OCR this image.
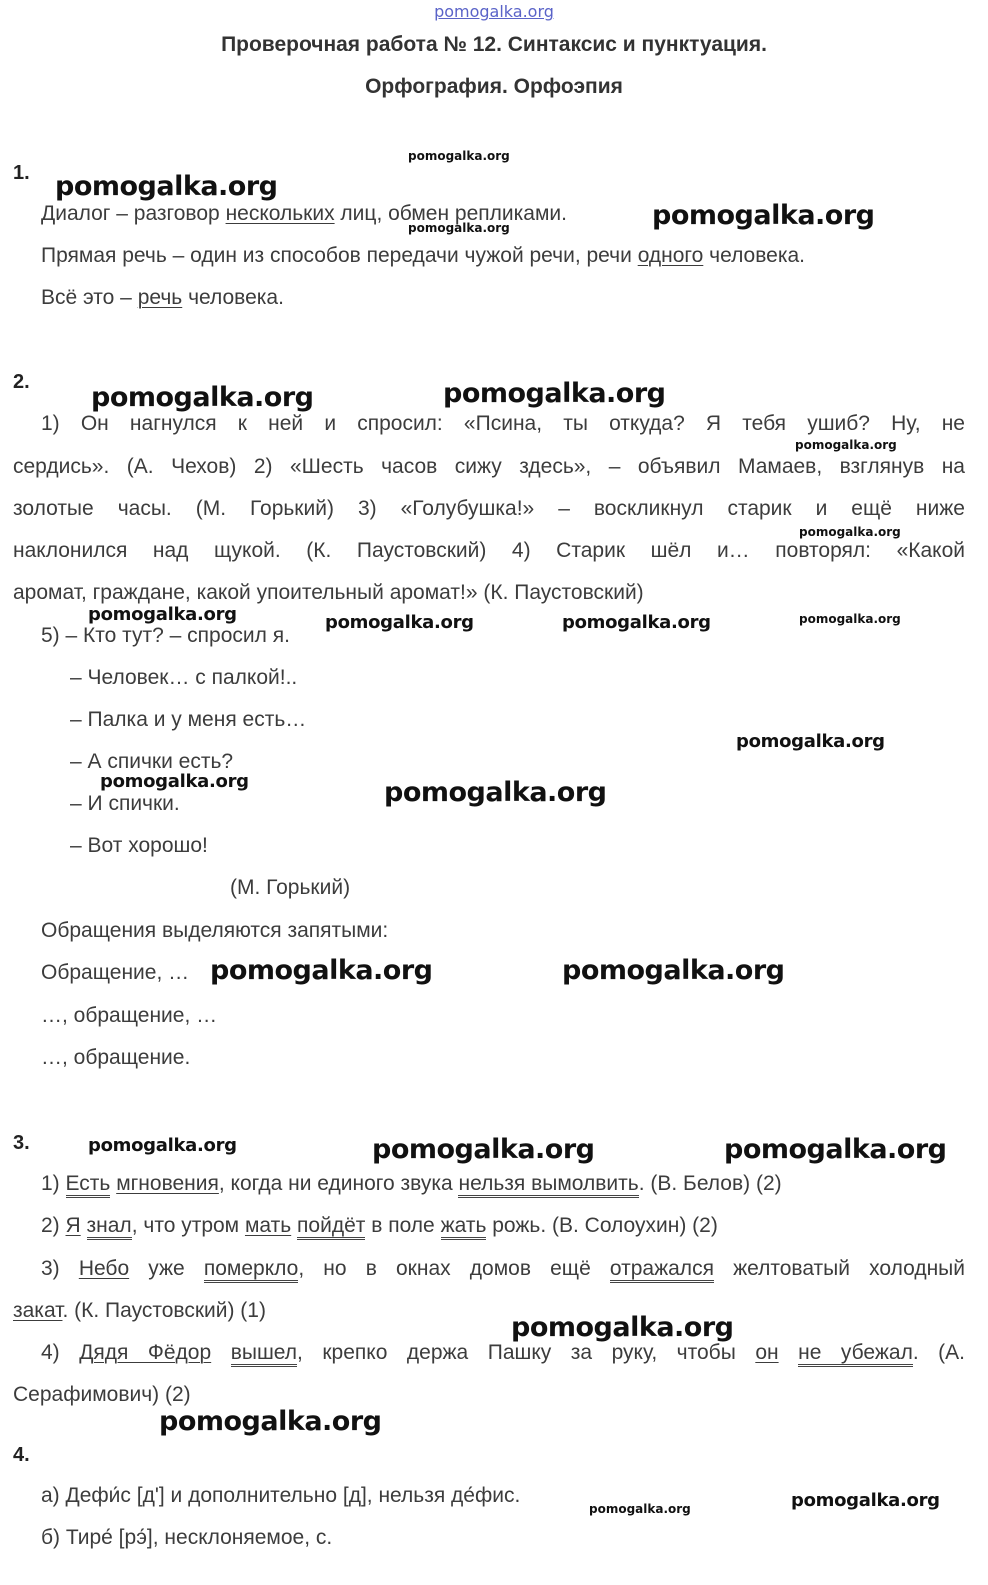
pomogalka.org
Проверочная работа № 12. Синтаксис и пунктуация.
Орфография. Орфоэпия
1.
Диалог – разговор нескольких лиц, обмен репликами.
Прямая речь – один из способов передачи чужой речи, речи одного человека.
Всё это – речь человека.
2.
1) Он нагнулся к ней и спросил: «Псина, ты откуда? Я тебя ушиб? Ну, не
сердись». (А. Чехов) 2) «Шесть часов сижу здесь», – объявил Мамаев, взглянув на
золотые часы. (М. Горький) 3) «Голубушка!» – воскликнул старик и ещё ниже
наклонился над щукой. (К. Паустовский) 4) Старик шёл и… повторял: «Какой
аромат, граждане, какой упоительный аромат!» (К. Паустовский)
5) – Кто тут? – спросил я.
– Человек… с палкой!..
– Палка и у меня есть…
– А спички есть?
– И спички.
– Вот хорошо!
(М. Горький)
Обращения выделяются запятыми:
Обращение, …
…, обращение, …
…, обращение.
3.
1) Есть мгновения, когда ни единого звука нельзя вымолвить. (В. Белов) (2)
2) Я знал, что утром мать пойдёт в поле жать рожь. (В. Солоухин) (2)
3) Небо уже померкло, но в окнах домов ещё отражался желтоватый холодный
закат. (К. Паустовский) (1)
4) Дядя Фёдор вышел, крепко держа Пашку за руку, чтобы он не убежал. (А.
Серафимович) (2)
4.
а) Дефи́с [д'] и дополнительно [д], нельзя де́фис.
б) Тире́ [рэ́], несклоняемое, с.
pomogalka.org
pomogalka.org
pomogalka.org
pomogalka.org
pomogalka.org	pomogalka.org
pomogalka.org
pomogalka.org
pomogalka.org	pomogalka.org	pomogalka.org	pomogalka.org
pomogalka.org
pomogalka.org	pomogalka.org
pomogalka.org	pomogalka.org
pomogalka.org	pomogalka.org	pomogalka.org
pomogalka.org
pomogalka.org
pomogalka.org	pomogalka.org
